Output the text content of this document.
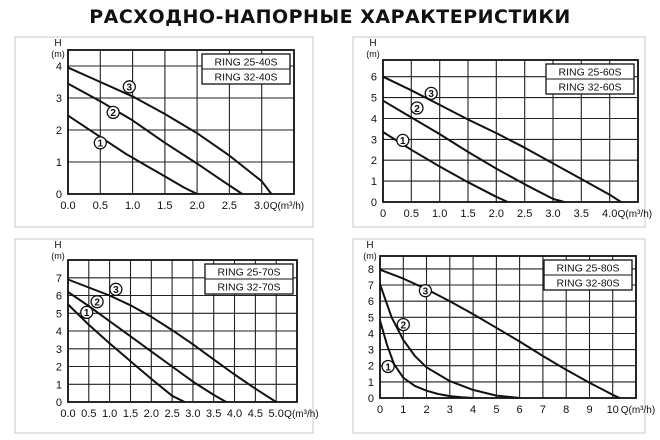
РАСХОДНО-НАПОРНЫЕ ХАРАКТЕРИСТИКИ
0.0 0.5 1.0 1.5 2.0 2.5 3.0
0
1
2
3
4
H
(m)
Q(m³/h)
RING 25-40S
RING 32-40S
1
2
3
0 0.5 1.0 1.5 2.0 2.5 3.0 3.5 4.0
0
1
2
3
4
5
6
H
(m)
Q(m³/h)
RING 25-60S
RING 32-60S
1
2
3
0.0 0.5 1.0 1.5 2.0 2.5 3.0 3.5 4.0 4.5 5.0
0
1
2
3
4
5
6
7
H
(m)
Q(m³/h)
RING 25-70S
RING 32-70S
1
2
3
0 1 2 3 4 5 6 7 8 9 10
0
1
2
3
4
5
6
7
8
H
(m)
Q(m³/h)
RING 25-80S
RING 32-80S
1
2
3
